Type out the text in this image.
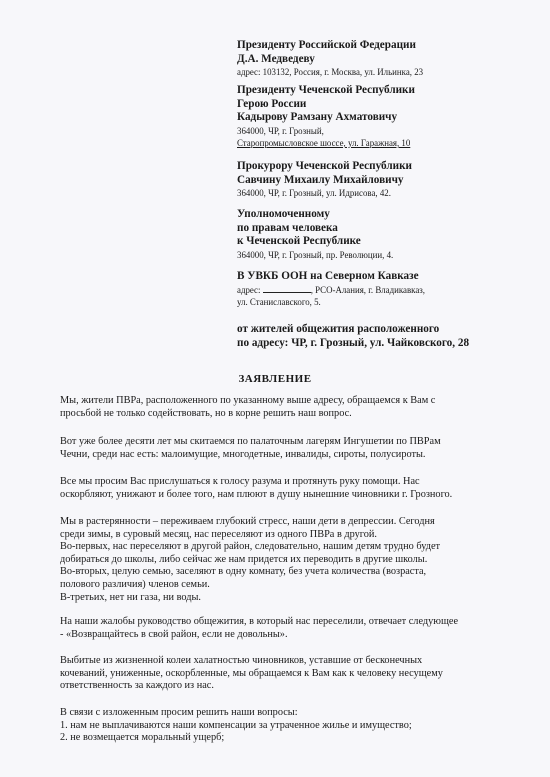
Президенту Российской Федерации
Д.А. Медведеву
адрес: 103132, Россия, г. Москва, ул. Ильинка, 23
Президенту Чеченской Республики
Герою России
Кадырову Рамзану Ахматовичу
364000, ЧР, г. Грозный,
Старопромысловское шоссе, ул. Гаражная, 10
Прокурору Чеченской Республики
Савчину Михаилу Михайловичу
364000, ЧР, г. Грозный, ул. Идрисова, 42.
Уполномоченному
по правам человека
к Чеченской Республике
364000, ЧР, г. Грозный, пр. Революции, 4.
В УВКБ ООН на Северном Кавказе
адрес:	, РСО-Алания, г. Владикавказ,
ул. Станиславского, 5.
от жителей общежития расположенного
по адресу: ЧР, г. Грозный, ул. Чайковского, 28
ЗАЯВЛЕНИЕ
Мы, жители ПВРа, расположенного по указанному выше адресу, обращаемся к Вам с
просьбой не только содействовать, но в корне решить наш вопрос.
Вот уже более десяти лет мы скитаемся по палаточным лагерям Ингушетии по ПВРам
Чечни, среди нас есть: малоимущие, многодетные, инвалиды, сироты, полусироты.
Все мы просим Вас прислушаться к голосу разума и протянуть руку помощи. Нас
оскорбляют, унижают и более того, нам плюют в душу нынешние чиновники г. Грозного.
Мы в растерянности – переживаем глубокий стресс, наши дети в депрессии. Сегодня
среди зимы, в суровый месяц, нас переселяют из одного ПВРа в другой.
Во-первых, нас переселяют в другой район, следовательно, нашим детям трудно будет
добираться до школы, либо сейчас же нам придется их переводить в другие школы.
Во-вторых, целую семью, заселяют в одну комнату, без учета количества (возраста,
полового различия) членов семьи.
В-третьих, нет ни газа, ни воды.
На наши жалобы руководство общежития, в который нас переселили, отвечает следующее
- «Возвращайтесь в свой район, если не довольны».
Выбитые из жизненной колеи халатностью чиновников, уставшие от бесконечных
кочеваний, униженные, оскорбленные, мы обращаемся к Вам как к человеку несущему
ответственность за каждого из нас.
В связи с изложенным просим решить наши вопросы:
1. нам не выплачиваются наши компенсации за утраченное жилье и имущество;
2. не возмещается моральный ущерб;
